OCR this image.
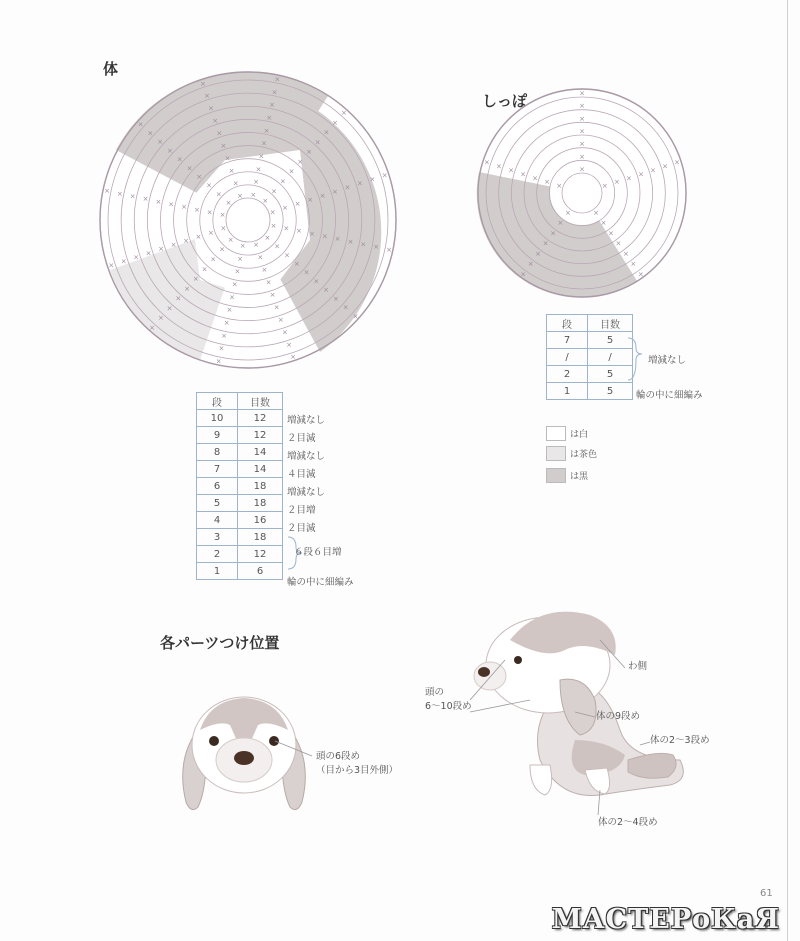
体
しっぽ
各パーツつけ位置
×
×
×
×
×
×
×
×
×
×
×
×
×
×
×
×
×
×
×
×
×
×
×
×
×
×
×
×
×
×
× × × × × × × × × ×
×
×
×
×
×
×
×
×
×
×
×
×
×
×
×
×
×
×
×
×
×
×
×
×
×
×
×
×
×
×
×
×
×
×
×
×
×
×
×
×
×
×
×
×
×
×
×
×
×
×
×
×
×
×
×
×
×
×
×
×
×
×
×
×
×
×
×
×
×
×
×
×
×
×
×
×
×
×
×
×
×
×
×
×
×
×
×
× × × × × × ×
×
×
×
×
×
×
×
×
×
×
×
×
×
×
×
×
×
×
×
×
×
段	目数
10	12
9	12
8	14
7	14
6	18
5	18
4	16
3	18
2	12
1	6
増減なし
２目減
増減なし
４目減
増減なし
２目増
２目減
６段６目増
輪の中に細編み
段	目数
7	5
/	/
2	5
1	5
増減なし
輪の中に細編み
は白
は茶色
は黒
頭の6段め
（目から3目外側）
頭の
6〜10段め
わ側
体の9段め
体の2〜3段め
体の2〜4段め
61
МАСТЕРоКаЯ
